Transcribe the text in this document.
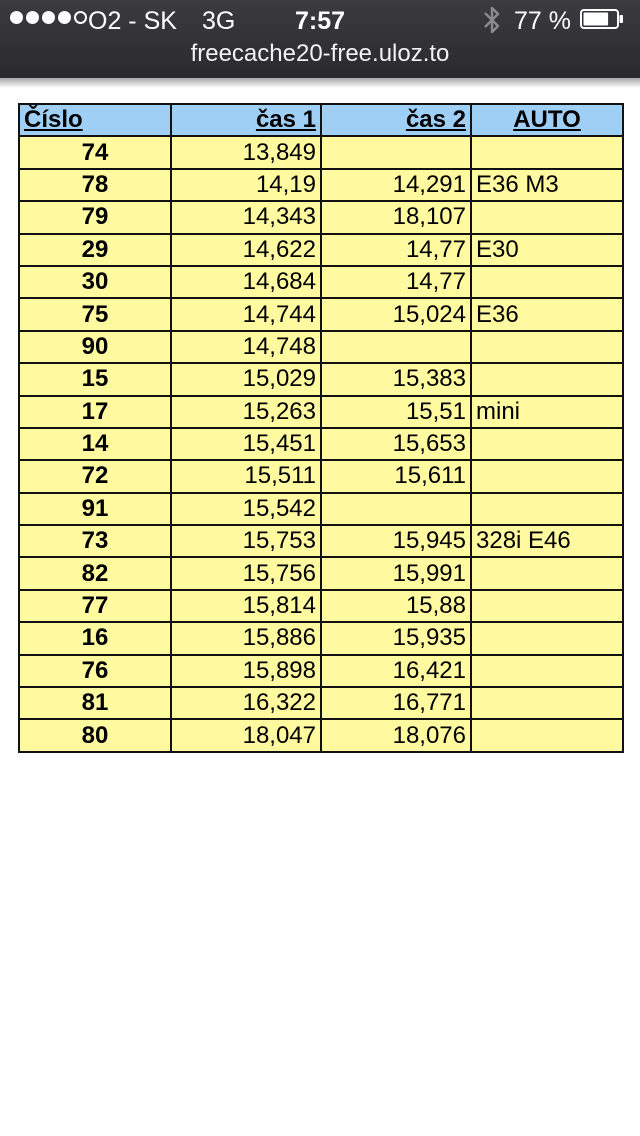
O2 - SK 3G	7:57	77 %
freecache20-free.uloz.to
Číslo	čas 1	čas 2	AUTO
74	13,849		
78	14,19	14,291	E36 M3
79	14,343	18,107	
29	14,622	14,77	E30
30	14,684	14,77	
75	14,744	15,024	E36
90	14,748		
15	15,029	15,383	
17	15,263	15,51	mini
14	15,451	15,653	
72	15,511	15,611	
91	15,542		
73	15,753	15,945	328i E46
82	15,756	15,991	
77	15,814	15,88	
16	15,886	15,935	
76	15,898	16,421	
81	16,322	16,771	
80	18,047	18,076	
